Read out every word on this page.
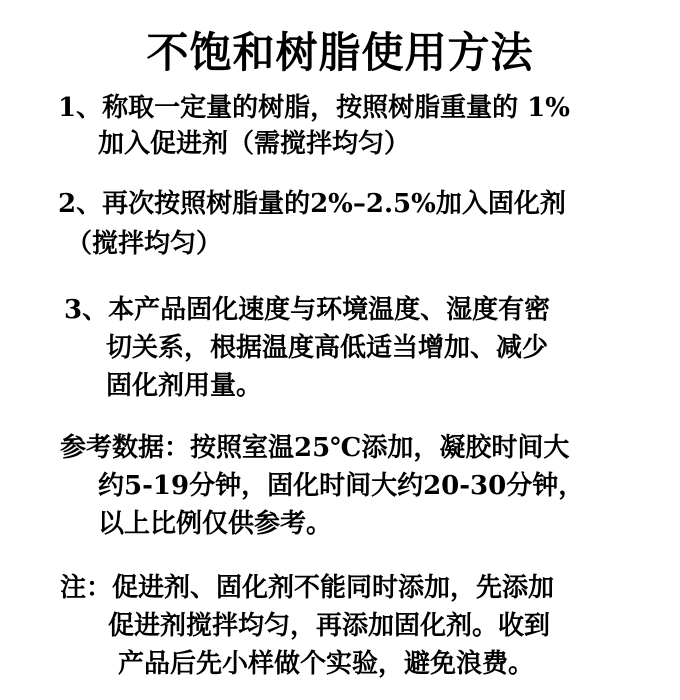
不饱和树脂使用方法
1、称取一定量的树脂，按照树脂重量的 1%
加入促进剂（需搅拌均匀）
2、再次按照树脂量的2%–2.5%加入固化剂
（搅拌均匀）
3、本产品固化速度与环境温度、湿度有密
切关系，根据温度高低适当增加、减少
固化剂用量。
参考数据：按照室温25℃添加，凝胶时间大
约5-19分钟，固化时间大约20-30分钟，
以上比例仅供参考。
注：促进剂、固化剂不能同时添加，先添加
促进剂搅拌均匀，再添加固化剂。收到
产品后先小样做个实验，避免浪费。
